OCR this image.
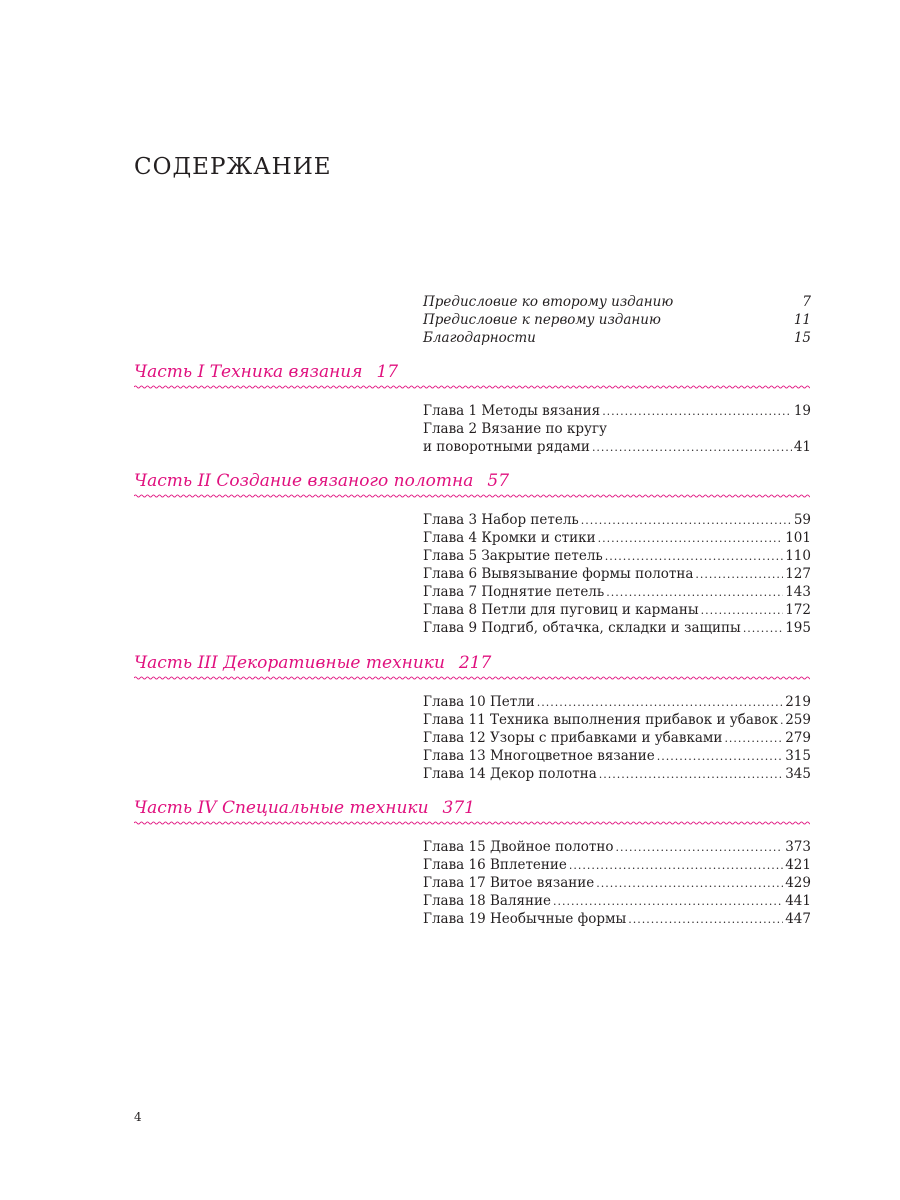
СОДЕРЖАНИЕ
Предисловие ко второму изданию	7
Предисловие к первому изданию	11
Благодарности	15
Часть I Техника вязания 17
Глава 1 Методы вязания .....	19
Глава 2 Вязание по кругу
и поворотными рядами .....	41
Часть II Создание вязаного полотна 57
Глава 3 Набор петель .....	59
Глава 4 Кромки и стики .....	101
Глава 5 Закрытие петель .....	110
Глава 6 Вывязывание формы полотна .....	127
Глава 7 Поднятие петель .....	143
Глава 8 Петли для пуговиц и карманы .....	172
Глава 9 Подгиб, обтачка, складки и защипы .....	195
Часть III Декоративные техники 217
Глава 10 Петли .....	219
Глава 11 Техника выполнения прибавок и убавок ..... 259
Глава 12 Узоры с прибавками и убавками .....	279
Глава 13 Многоцветное вязание .....	315
Глава 14 Декор полотна .....	345
Часть IV Специальные техники 371
Глава 15 Двойное полотно .....	373
Глава 16 Вплетение .....	421
Глава 17 Витое вязание .....	429
Глава 18 Валяние .....	441
Глава 19 Необычные формы .....	447
4
